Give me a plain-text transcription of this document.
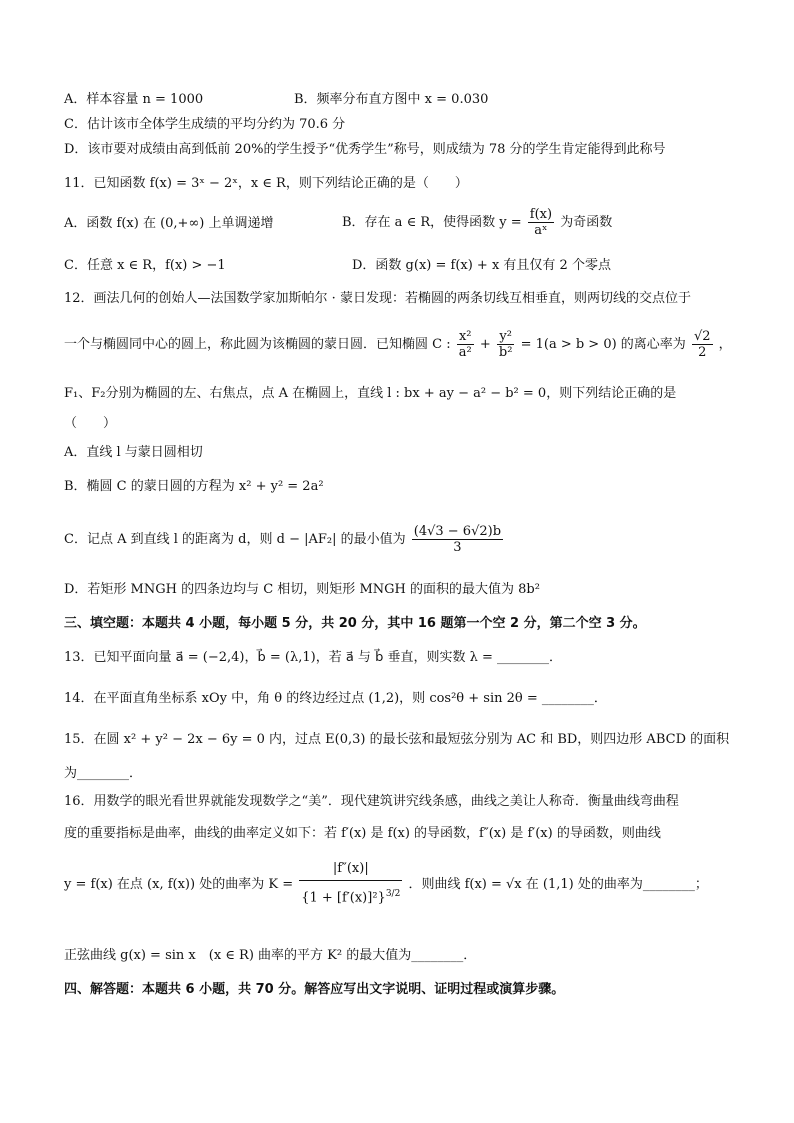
A．样本容量 n = 1000	B．频率分布直方图中 x = 0.030
C．估计该市全体学生成绩的平均分约为 70.6 分
D．该市要对成绩由高到低前 20%的学生授予“优秀学生”称号，则成绩为 78 分的学生肯定能得到此称号
11．已知函数 f(x) = 3ˣ − 2ˣ，x ∈ R，则下列结论正确的是（　　）
A．函数 f(x) 在 (0,+∞) 上单调递增	B．存在 a ∈ R，使得函数 $y = \frac{f(x)}{\text{aˣ}}$ 为奇函数
C．任意 x ∈ R，f(x) > −1	D．函数 g(x) = f(x) + x 有且仅有 2 个零点
12．画法几何的创始人—法国数学家加斯帕尔 · 蒙日发现：若椭圆的两条切线互相垂直，则两切线的交点位于
一个与椭圆同中心的圆上，称此圆为该椭圆的蒙日圆．已知椭圆 C : $\frac{\text{x²}}{\text{a²}} + \frac{\text{y²}}{\text{b²}} = 1(a > b > 0)$ 的离心率为 $\frac{√2}{2}$ ，
F₁、F₂分别为椭圆的左、右焦点，点 A 在椭圆上，直线 l : bx + ay − a² − b² = 0，则下列结论正确的是
（　　）
A．直线 l 与蒙日圆相切
B．椭圆 C 的蒙日圆的方程为 x² + y² = 2a²
C．记点 A 到直线 l 的距离为 d，则 d − |AF₂| 的最小值为 $\frac{(4√3 - 6√2)b}{3}$
D．若矩形 MNGH 的四条边均与 C 相切，则矩形 MNGH 的面积的最大值为 8b²
三、填空题：本题共 4 小题，每小题 5 分，共 20 分，其中 16 题第一个空 2 分，第二个空 3 分。
13．已知平面向量 a⃗ = (−2,4)，b⃗ = (λ,1)，若 a⃗ 与 b⃗ 垂直，则实数 λ = ________．
14．在平面直角坐标系 xOy 中，角 θ 的终边经过点 (1,2)，则 cos²θ + sin 2θ = ________．
15．在圆 x² + y² − 2x − 6y = 0 内，过点 E(0,3) 的最长弦和最短弦分别为 AC 和 BD，则四边形 ABCD 的面积
为________．
16．用数学的眼光看世界就能发现数学之“美”．现代建筑讲究线条感，曲线之美让人称奇．衡量曲线弯曲程
度的重要指标是曲率，曲线的曲率定义如下：若 f′(x) 是 f(x) 的导函数，f″(x) 是 f′(x) 的导函数，则曲线
y = f(x) 在点 (x, f(x)) 处的曲率为 $K = \frac{|f''(x)|}{\{1 + [f'(x)]^2\}^{3/2}}$ ．则曲线 f(x) = √x 在 (1,1) 处的曲率为________；
正弦曲线 g(x) = sin x　(x ∈ R) 曲率的平方 K² 的最大值为________．
四、解答题：本题共 6 小题，共 70 分。解答应写出文字说明、证明过程或演算步骤。
